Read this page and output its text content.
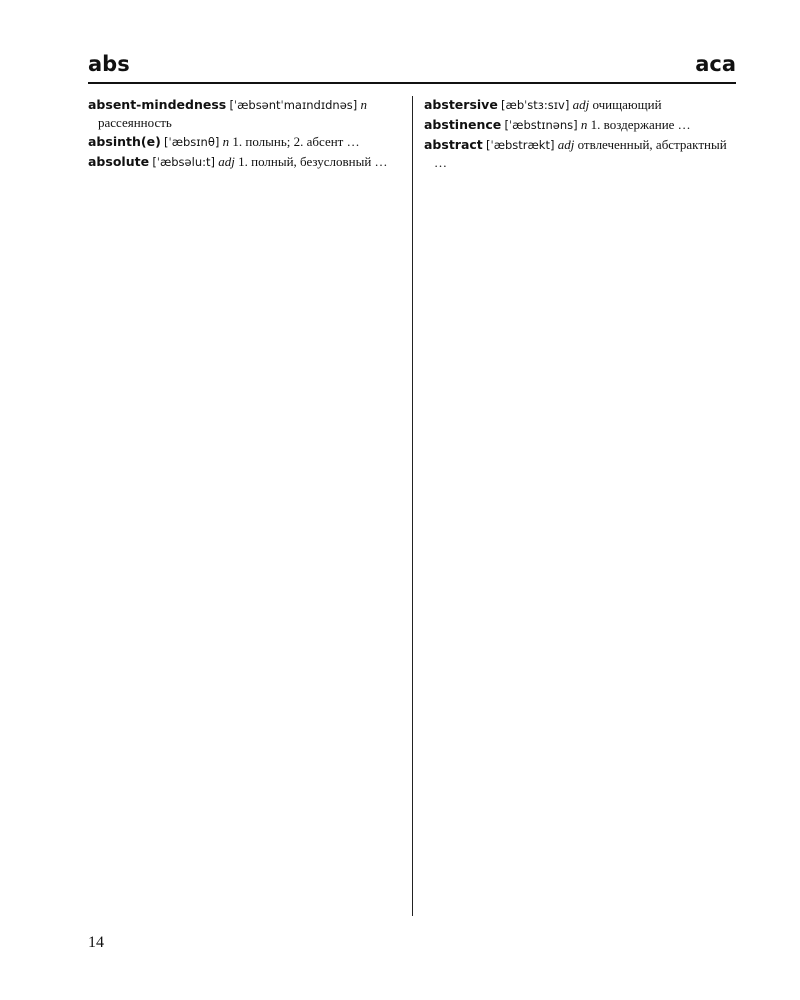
abs	aca

absent-mindedness [ˈæbsəntˈmaɪndɪdnəs] n рассеянность

absinth(e) [ˈæbsɪnθ] n 1. полынь; 2. абсент …

absolute [ˈæbsəlu:t] adj 1. полный, безусловный …

abstersive [æbˈstɜ:sɪv] adj очищающий

abstinence [ˈæbstɪnəns] n 1. воздержание …

abstract [ˈæbstrækt] adj отвлеченный, абстрактный …

14
